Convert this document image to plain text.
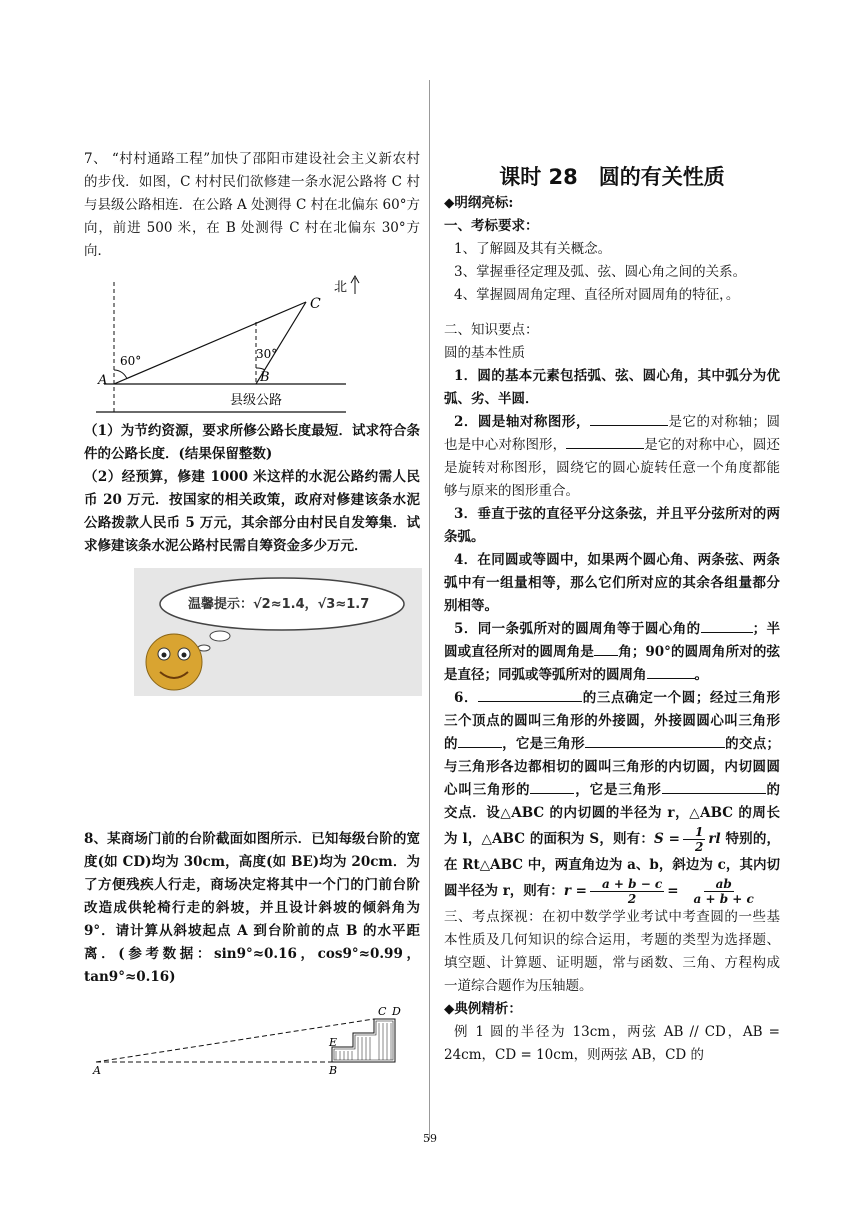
7、 “村村通路工程”加快了邵阳市建设社会主义新农村的步伐．如图，C 村村民们欲修建一条水泥公路将 C 村与县级公路相连．在公路 A 处测得 C 村在北偏东 60°方向，前进 500 米，在 B 处测得 C 村在北偏东 30°方向．

A	B
C
60°	30°
北
县级公路

（1）为节约资源，要求所修公路长度最短．试求符合条件的公路长度．(结果保留整数)

（2）经预算，修建 1000 米这样的水泥公路约需人民币 20 万元．按国家的相关政策，政府对修建该条水泥公路拨款人民币 5 万元，其余部分由村民自发筹集．试求修建该条水泥公路村民需自筹资金多少万元．

温馨提示：√2≈1.4，√3≈1.7

8、某商场门前的台阶截面如图所示．已知每级台阶的宽度(如 CD)均为 30cm，高度(如 BE)均为 20cm．为了方便残疾人行走，商场决定将其中一个门的门前台阶改造成供轮椅行走的斜坡，并且设计斜坡的倾斜角为 9°．请计算从斜坡起点 A 到台阶前的点 B 的水平距离．(参考数据：sin9°≈0.16，cos9°≈0.99，tan9°≈0.16)

A	B
E
C D

课时 28　圆的有关性质

◆明纲亮标:

一、考标要求：

1、了解圆及其有关概念。

3、掌握垂径定理及弧、弦、圆心角之间的关系。

4、掌握圆周角定理、直径所对圆周角的特征，。

二、知识要点：

圆的基本性质

1．圆的基本元素包括弧、弦、圆心角，其中弧分为优弧、劣、半圆．

2．圆是轴对称图形，	是它的对称轴；圆也是中心对称图形，	是它的对称中心，圆还是旋转对称图形，圆绕它的圆心旋转任意一个角度都能够与原来的图形重合。

3．垂直于弦的直径平分这条弦，并且平分弦所对的两条弧。

4．在同圆或等圆中，如果两个圆心角、两条弦、两条弧中有一组量相等，那么它们所对应的其余各组量都分别相等。

5．同一条弧所对的圆周角等于圆心角的	；半圆或直径所对的圆周角是 角；90°的圆周角所对的弦是直径；同弧或等弧所对的圆周角	。

6．	的三点确定一个圆；经过三角形三个顶点的圆叫三角形的外接圆，外接圆圆心叫三角形的	，它是三角形	的交点；与三角形各边都相切的圆叫三角形的内切圆，内切圆圆心叫三角形的	，它是三角形	的交点．设△ABC 的内切圆的半径为 r，△ABC 的周长为 l，△ABC 的面积为 S，则有：$S = \frac{1}{2}$ rl 特别的，在 Rt△ABC 中，两直角边为 a、b，斜边为 c，其内切圆半径为 r，则有：$r = \frac{a + b - c}{2} = \frac{ab}{a + b + c}$

三、考点探视：在初中数学学业考试中考查圆的一些基本性质及几何知识的综合运用，考题的类型为选择题、填空题、计算题、证明题，常与函数、三角、方程构成一道综合题作为压轴题。

◆典例精析：

例 1 圆的半径为 13cm，两弦 AB // CD，AB = 24cm，CD = 10cm，则两弦 AB，CD 的

59
